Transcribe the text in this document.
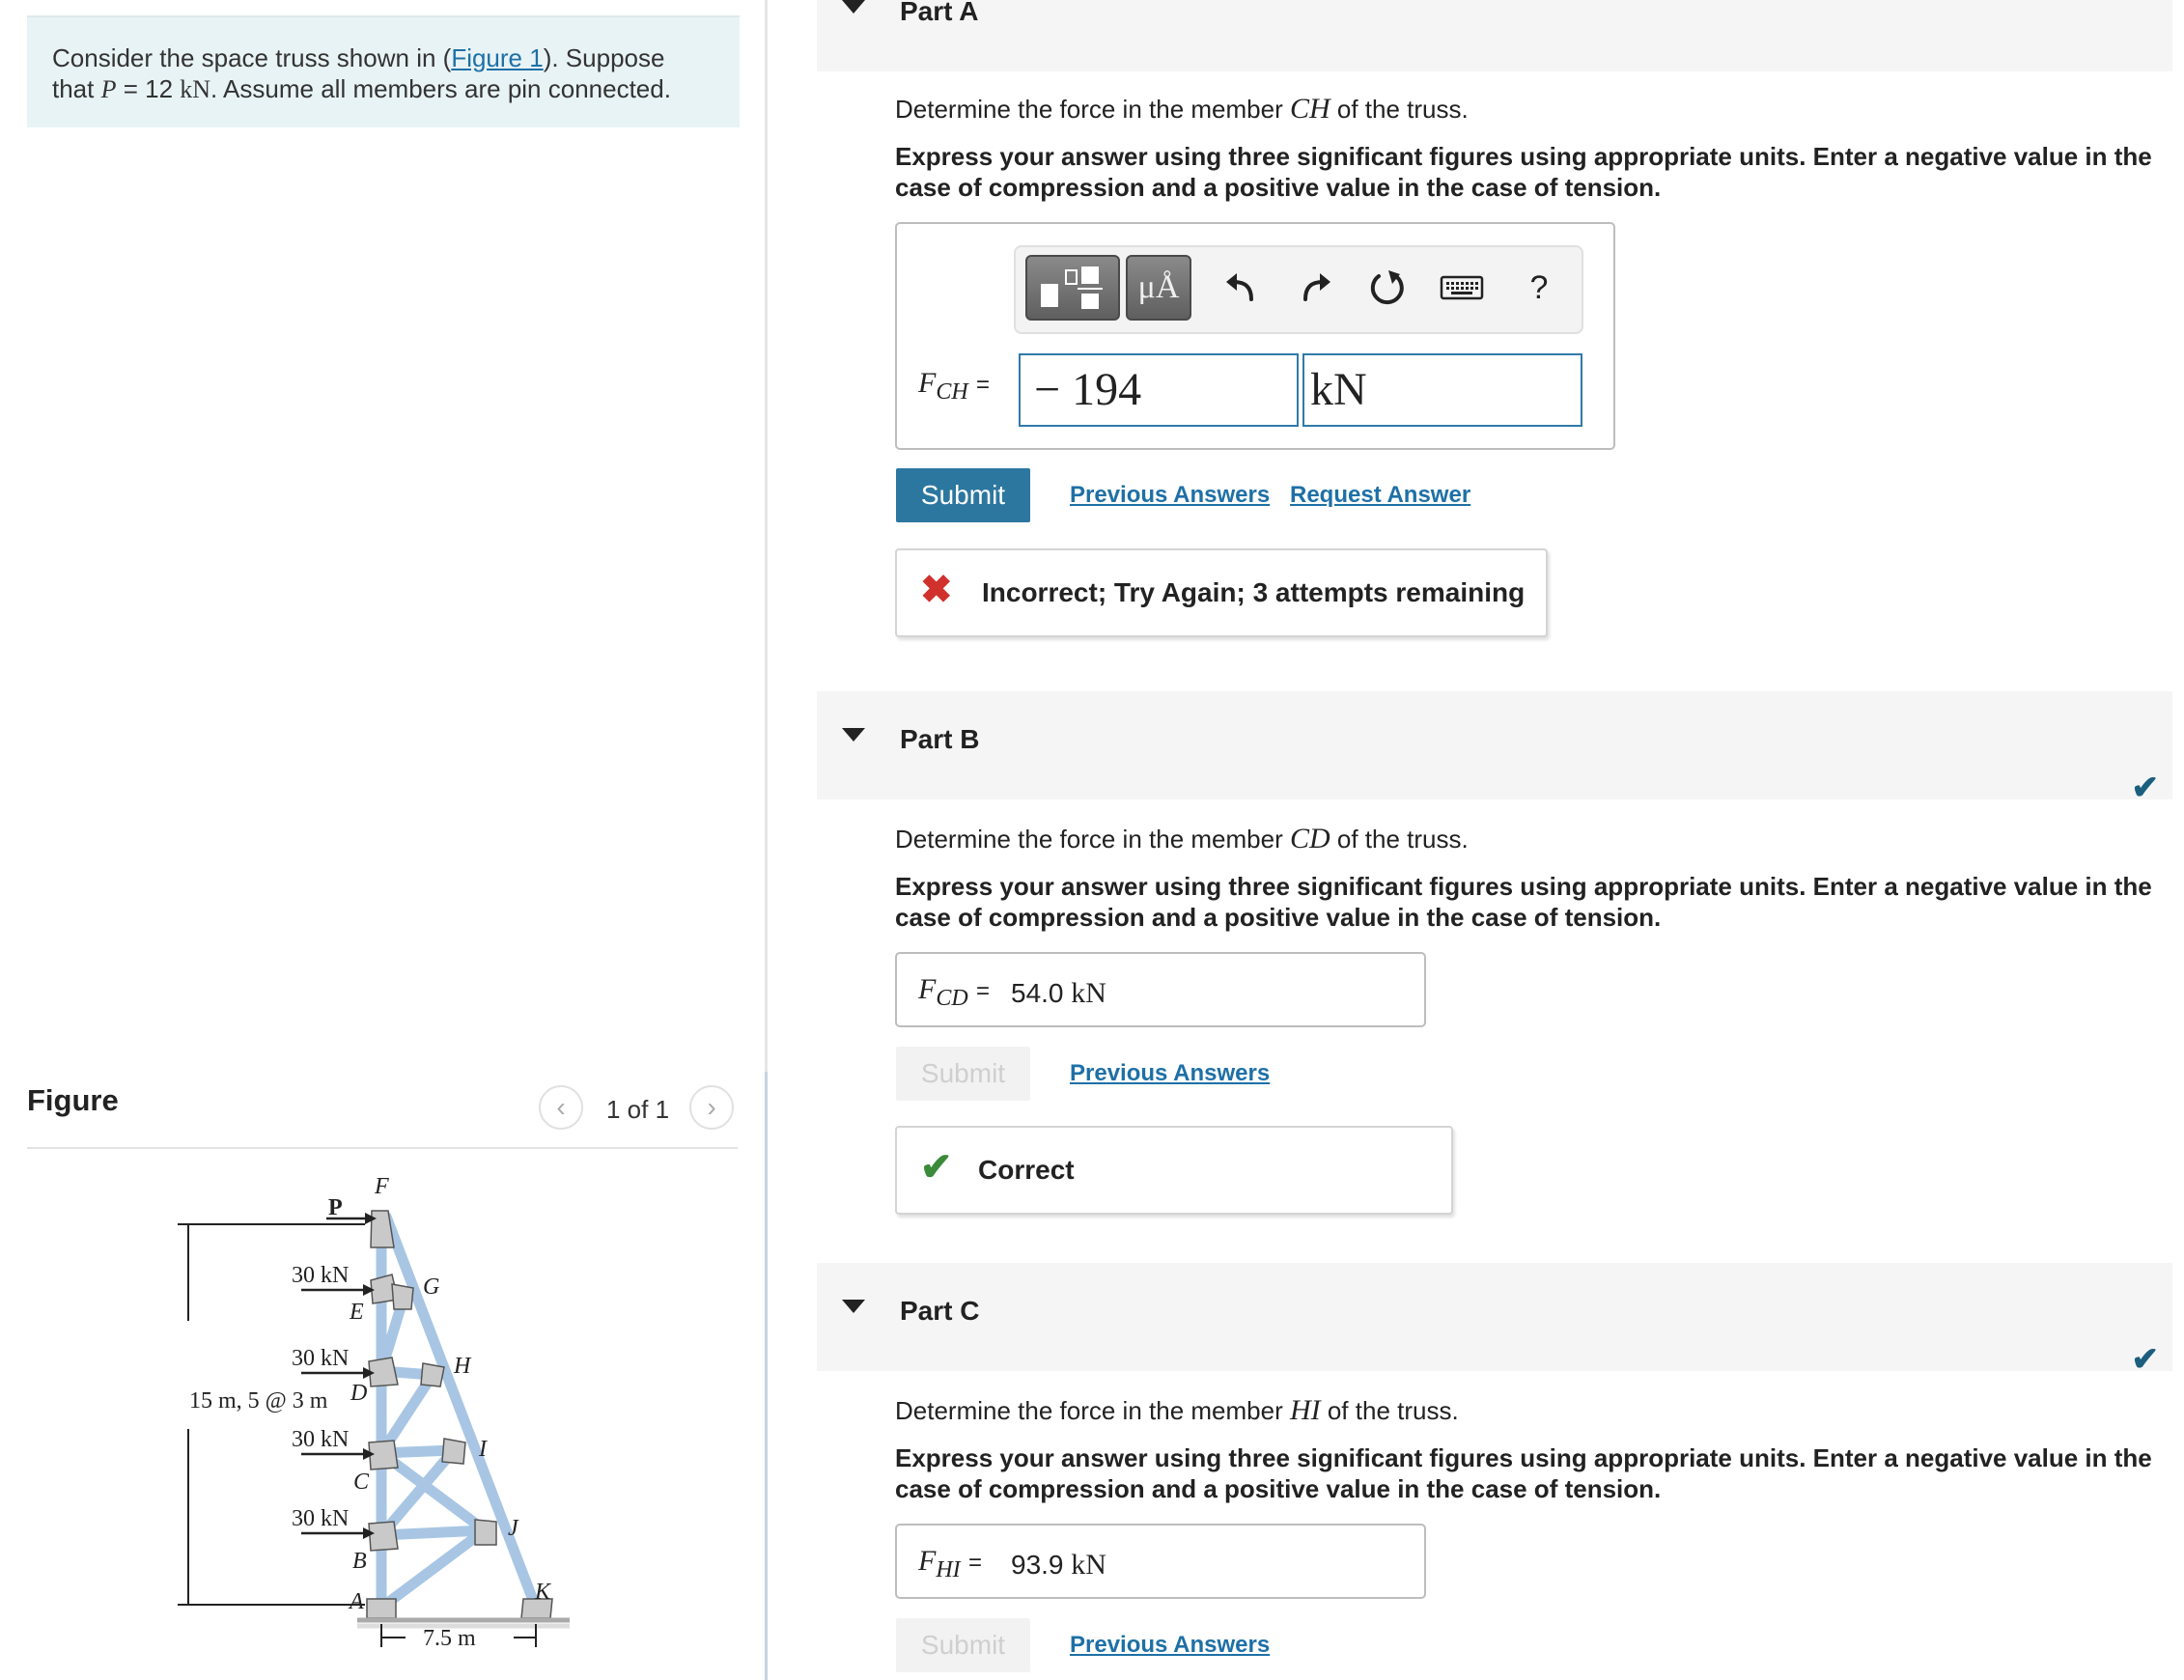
Consider the space truss shown in (Figure 1). Suppose
that P = 12 kN. Assume all members are pin connected.
Figure	‹ 1 of 1 ›
P
F
G
E
H
D
I
C
J
B
A	K
30 kN
30 kN
30 kN
30 kN
15 m, 5 @ 3 m
7.5 m
Part A
Determine the force in the member CH of the truss.
Express your answer using three significant figures using appropriate units. Enter a negative value in the case of compression and a positive value in the case of tension.
μÅ	?
$F_{CH}$ = − 194	kN
Submit	Previous Answers Request Answer
✖ Incorrect; Try Again; 3 attempts remaining
Part B
✔
Determine the force in the member CD of the truss.
Express your answer using three significant figures using appropriate units. Enter a negative value in the case of compression and a positive value in the case of tension.
$F_{CD} = 54.0$ kN
Submit	Previous Answers
✔ Correct
Part C
✔
Determine the force in the member HI of the truss.
Express your answer using three significant figures using appropriate units. Enter a negative value in the case of compression and a positive value in the case of tension.
$F_{HI} = 93.9$ kN
Submit	Previous Answers
